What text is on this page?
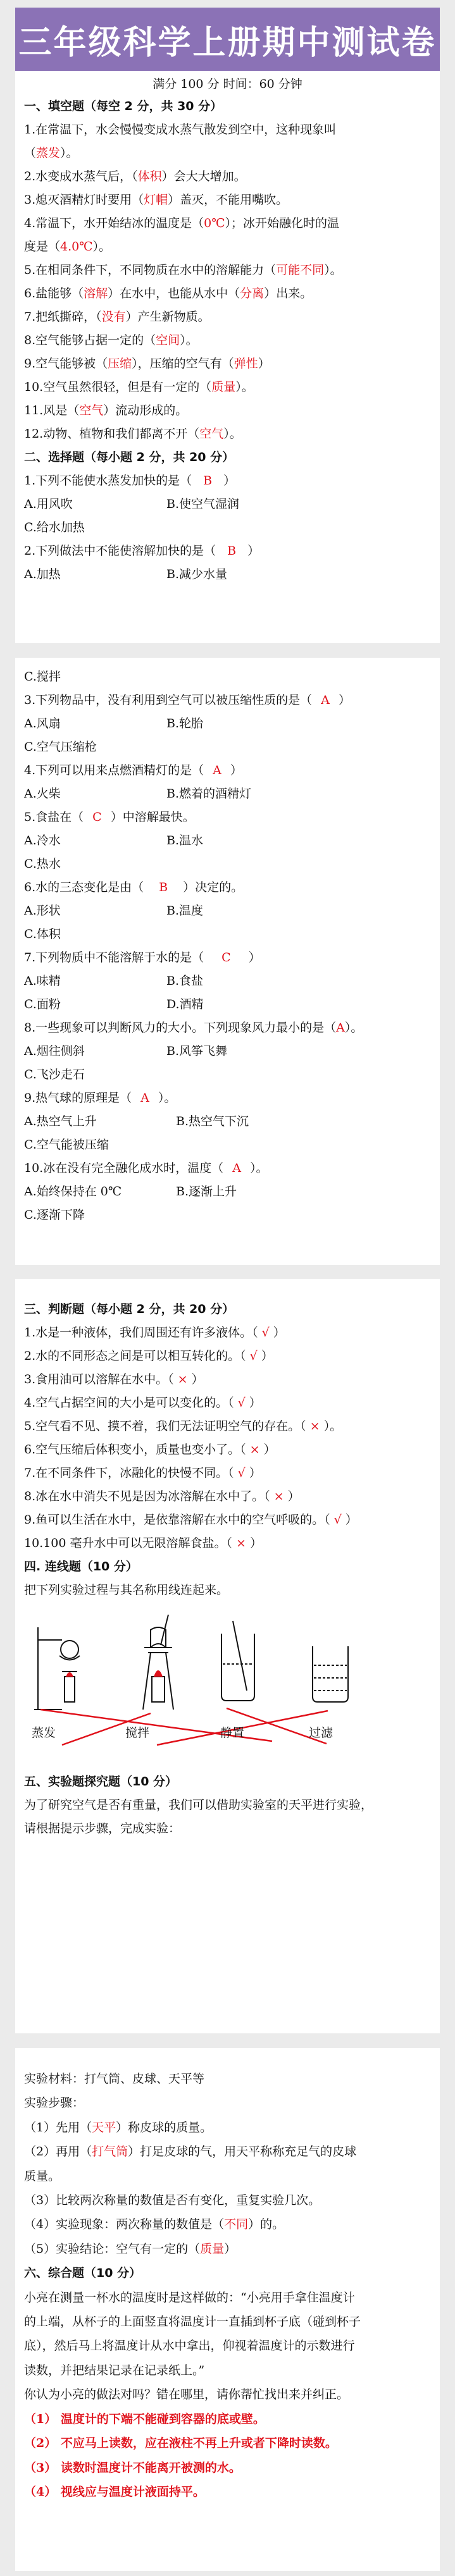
三年级科学上册期中测试卷
满分 100 分 时间：60 分钟
一、填空题（每空 2 分，共 30 分）
1.在常温下，水会慢慢变成水蒸气散发到空中，这种现象叫
（蒸发）。
2.水变成水蒸气后，（体积）会大大增加。
3.熄灭酒精灯时要用（灯帽）盖灭，不能用嘴吹。
4.常温下，水开始结冰的温度是（0℃）；冰开始融化时的温
度是（4.0℃）。
5.在相同条件下，不同物质在水中的溶解能力（可能不同）。
6.盐能够（溶解）在水中，也能从水中（分离）出来。
7.把纸撕碎，（没有）产生新物质。
8.空气能够占据一定的（空间）。
9.空气能够被（压缩），压缩的空气有（弹性）
10.空气虽然很轻，但是有一定的（质量）。
11.风是（空气）流动形成的。
12.动物、植物和我们都离不开（空气）。
二、选择题（每小题 2 分，共 20 分）
1.下列不能使水蒸发加快的是（ B ）
A.用风吹	B.使空气湿润
C.给水加热
2.下列做法中不能使溶解加快的是（ B ）
A.加热	B.减少水量
C.搅拌
3.下列物品中，没有利用到空气可以被压缩性质的是（ A ）
A.风扇	B.轮胎
C.空气压缩枪
4.下列可以用来点燃酒精灯的是（ A ）
A.火柴	B.燃着的酒精灯
5.食盐在（ C ）中溶解最快。
A.冷水	B.温水
C.热水
6.水的三态变化是由（ B ）决定的。
A.形状	B.温度
C.体积
7.下列物质中不能溶解于水的是（ C ）
A.味精	B.食盐
C.面粉	D.酒精
8.一些现象可以判断风力的大小。下列现象风力最小的是（A）。
A.烟往侧斜	B.风筝飞舞
C.飞沙走石
9.热气球的原理是（ A ）。
A.热空气上升	B.热空气下沉
C.空气能被压缩
10.冰在没有完全融化成水时，温度（ A ）。
A.始终保持在 0℃	B.逐渐上升
C.逐渐下降
三、判断题（每小题 2 分，共 20 分）
1.水是一种液体，我们周围还有许多液体。（ √ ）
2.水的不同形态之间是可以相互转化的。（ √ ）
3.食用油可以溶解在水中。（ × ）
4.空气占据空间的大小是可以变化的。（ √ ）
5.空气看不见、摸不着，我们无法证明空气的存在。（ × ）。
6.空气压缩后体积变小，质量也变小了。（ × ）
7.在不同条件下，冰融化的快慢不同。（ √ ）
8.冰在水中消失不见是因为冰溶解在水中了。（ × ）
9.鱼可以生活在水中，是依靠溶解在水中的空气呼吸的。（ √ ）
10.100 毫升水中可以无限溶解食盐。（ × ）
四. 连线题（10 分）
把下列实验过程与其名称用线连起来。
蒸发	搅拌	静置	过滤
五、实验题探究题（10 分）
为了研究空气是否有重量，我们可以借助实验室的天平进行实验，
请根据提示步骤，完成实验：
实验材料：打气筒、皮球、天平等
实验步骤：
（1）先用（天平）称皮球的质量。
（2）再用（打气筒）打足皮球的气，用天平称称充足气的皮球
质量。
（3）比较两次称量的数值是否有变化，重复实验几次。
（4）实验现象：两次称量的数值是（不同）的。
（5）实验结论：空气有一定的（质量）
六、综合题（10 分）
小亮在测量一杯水的温度时是这样做的：“小亮用手拿住温度计
的上端，从杯子的上面竖直将温度计一直插到杯子底（碰到杯子
底），然后马上将温度计从水中拿出，仰视着温度计的示数进行
读数，并把结果记录在记录纸上。”
你认为小亮的做法对吗？错在哪里，请你帮忙找出来并纠正。
（1） 温度计的下端不能碰到容器的底或壁。
（2） 不应马上读数，应在液柱不再上升或者下降时读数。
（3） 读数时温度计不能离开被测的水。
（4） 视线应与温度计液面持平。
